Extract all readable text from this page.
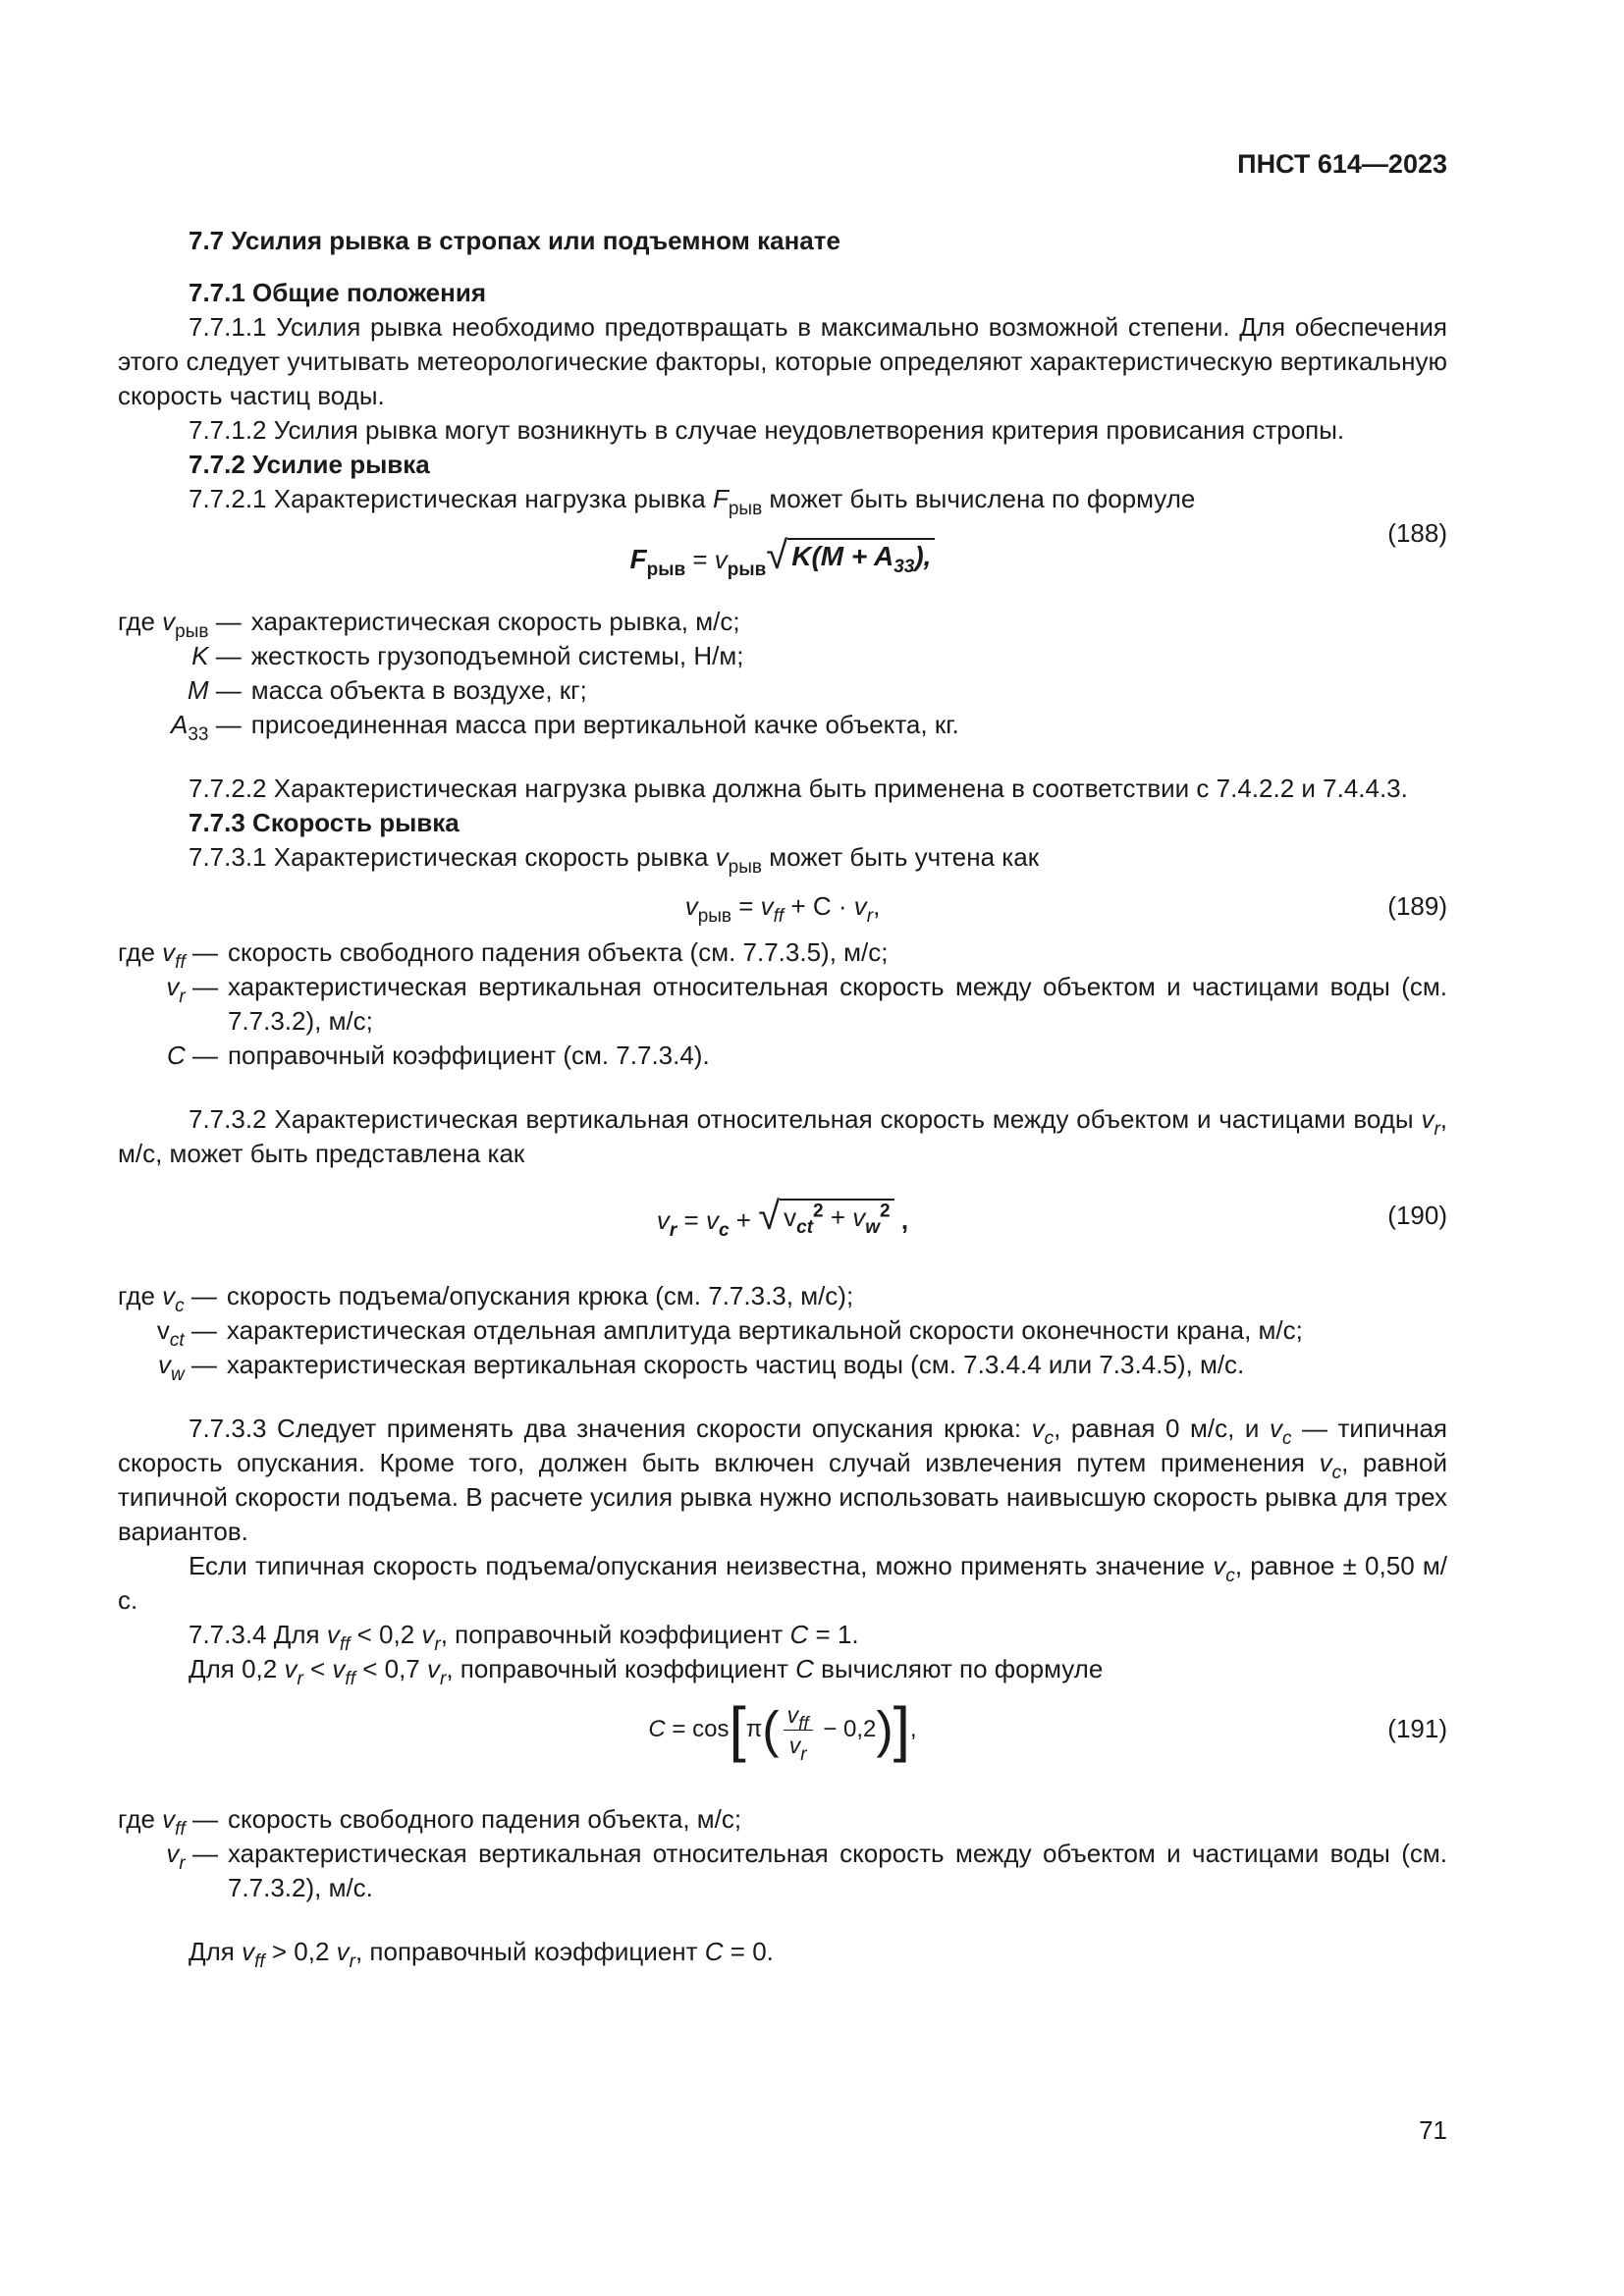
ПНСТ 614—2023

7.7 Усилия рывка в стропах или подъемном канате

7.7.1 Общие положения

7.7.1.1 Усилия рывка необходимо предотвращать в максимально возможной степени. Для обеспечения этого следует учитывать метеорологические факторы, которые определяют характеристическую вертикальную скорость частиц воды.

7.7.1.2 Усилия рывка могут возникнуть в случае неудовлетворения критерия провисания стропы.

7.7.2 Усилие рывка

7.7.2.1 Характеристическая нагрузка рывка $F_{рыв}$ может быть вычислена по формуле

$F_{рыв} = v_{рыв}$ √ $K(M + A_{33})$,
(188)
где $v_{рыв}$ — характеристическая скорость рывка, м/с;
K — жесткость грузоподъемной системы, Н/м;
M — масса объекта в воздухе, кг;
$A_{33}$ — присоединенная масса при вертикальной качке объекта, кг.

7.7.2.2 Характеристическая нагрузка рывка должна быть применена в соответствии с 7.4.2.2 и 7.4.4.3.

7.7.3 Скорость рывка

7.7.3.1 Характеристическая скорость рывка $v_{рыв}$ может быть учтена как

$v_{рыв} = v_{ff} + C \cdot v_r$,	(189)
где $v_{ff}$ — скорость свободного падения объекта (см. 7.7.3.5), м/с;
$v_r$ — характеристическая вертикальная относительная скорость между объектом и частицами воды (см. 7.7.3.2), м/с;
C — поправочный коэффициент (см. 7.7.3.4).

7.7.3.2 Характеристическая вертикальная относительная скорость между объектом и частицами воды $v_r$, м/с, может быть представлена как

$v_r = v_c$ + √ $v_{ct}^2 + v_w^2$ ,	(190)
где $v_c$ — скорость подъема/опускания крюка (см. 7.7.3.3, м/с);
$v_{ct}$ — характеристическая отдельная амплитуда вертикальной скорости оконечности крана, м/с;
$v_w$ — характеристическая вертикальная скорость частиц воды (см. 7.3.4.4 или 7.3.4.5), м/с.

7.7.3.3 Следует применять два значения скорости опускания крюка: $v_c$, равная 0 м/с, и $v_c$ — типичная скорость опускания. Кроме того, должен быть включен случай извлечения путем применения $v_c$, равной типичной скорости подъема. В расчете усилия рывка нужно использовать наивысшую скорость рывка для трех вариантов.

Если типичная скорость подъема/опускания неизвестна, можно применять значение $v_c$, равное ± 0,50 м/с.

7.7.3.4 Для $v_{ff} < 0,2$ $v_r$, поправочный коэффициент C = 1.

Для 0,2 $v_r < v_{ff} < 0,7$ $v_r$, поправочный коэффициент C вычисляют по формуле

$C = \cos[\pi( \frac{v_{ff}}{v_r} - 0,2)]$,	(191)
где $v_{ff}$ — скорость свободного падения объекта, м/с;
$v_r$ — характеристическая вертикальная относительная скорость между объектом и частицами воды (см. 7.7.3.2), м/с.

Для $v_{ff} > 0,2$ $v_r$, поправочный коэффициент C = 0.

71
